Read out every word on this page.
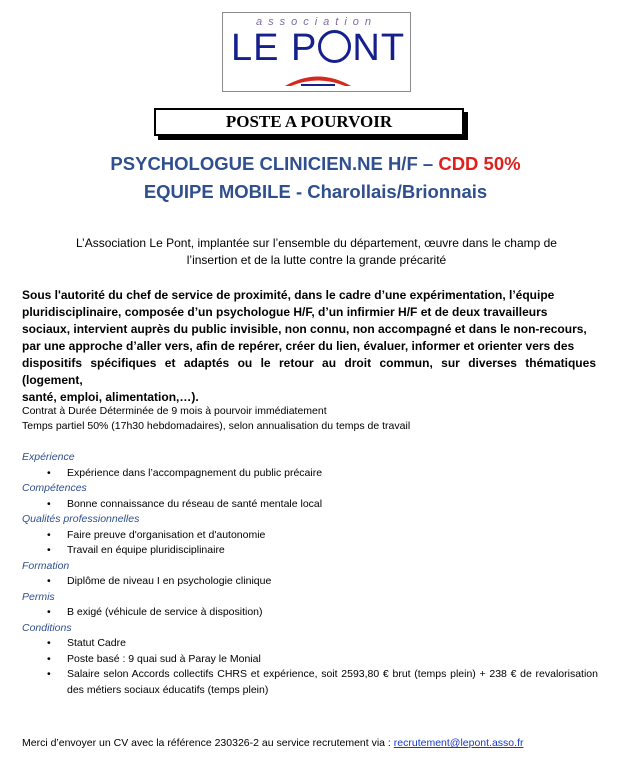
association
LE P NT
POSTE A POURVOIR
PSYCHOLOGUE CLINICIEN.NE H/F – CDD 50%
EQUIPE MOBILE - Charollais/Brionnais
L’Association Le Pont, implantée sur l’ensemble du département, œuvre dans le champ de l’insertion et de la lutte contre la grande précarité
Sous l'autorité du chef de service de proximité, dans le cadre d’une expérimentation, l’équipe
pluridisciplinaire, composée d’un psychologue H/F, d’un infirmier H/F et de deux travailleurs
sociaux, intervient auprès du public invisible, non connu, non accompagné et dans le non-recours,
par une approche d’aller vers, afin de repérer, créer du lien, évaluer, informer et orienter vers des
dispositifs spécifiques et adaptés ou le retour au droit commun, sur diverses thématiques (logement,
santé, emploi, alimentation,…).
Contrat à Durée Déterminée de 9 mois à pourvoir immédiatement
Temps partiel 50% (17h30 hebdomadaires), selon annualisation du temps de travail
Expérience
• Expérience dans l’accompagnement du public précaire
Compétences
• Bonne connaissance du réseau de santé mentale local
Qualités professionnelles
• Faire preuve d'organisation et d'autonomie
• Travail en équipe pluridisciplinaire
Formation
• Diplôme de niveau I en psychologie clinique
Permis
• B exigé (véhicule de service à disposition)
Conditions
• Statut Cadre
• Poste basé : 9 quai sud à Paray le Monial
• Salaire selon Accords collectifs CHRS et expérience, soit 2593,80 € brut (temps plein) + 238 € de revalorisation des métiers sociaux éducatifs (temps plein)
Merci d’envoyer un CV avec la référence 230326-2 au service recrutement via : recrutement@lepont.asso.fr
